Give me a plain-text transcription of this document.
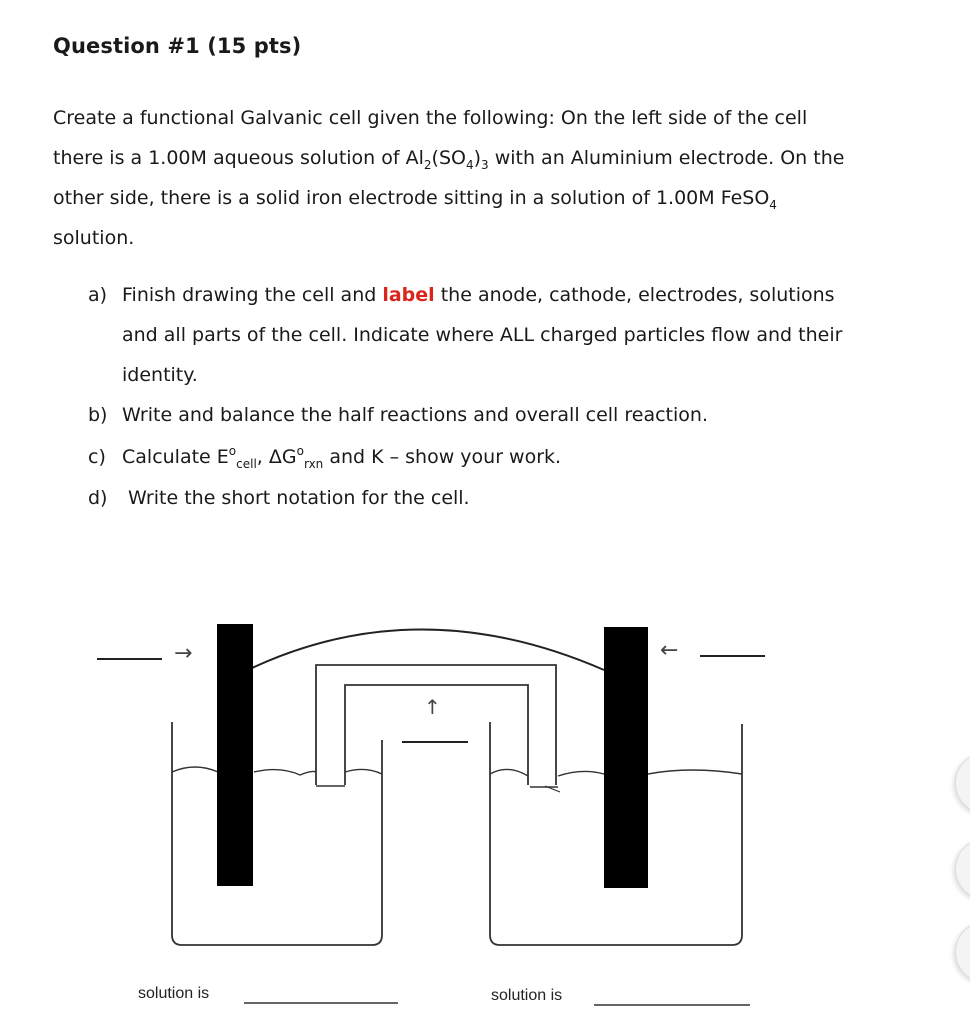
Question #1 (15 pts)
Create a functional Galvanic cell given the following: On the left side of the cell
there is a 1.00M aqueous solution of $Al_2(SO_4)_3$ with an Aluminium electrode. On the
other side, there is a solid iron electrode sitting in a solution of 1.00M FeSO$_4$
solution.
a) Finish drawing the cell and label the anode, cathode, electrodes, solutions
and all parts of the cell. Indicate where ALL charged particles flow and their
identity.
b) Write and balance the half reactions and overall cell reaction.
c) Calculate $E^o_{cell}$, $\Delta G^o_{rxn}$ and K – show your work.
d) Write the short notation for the cell.
→	←
↑
solution is	solution is
